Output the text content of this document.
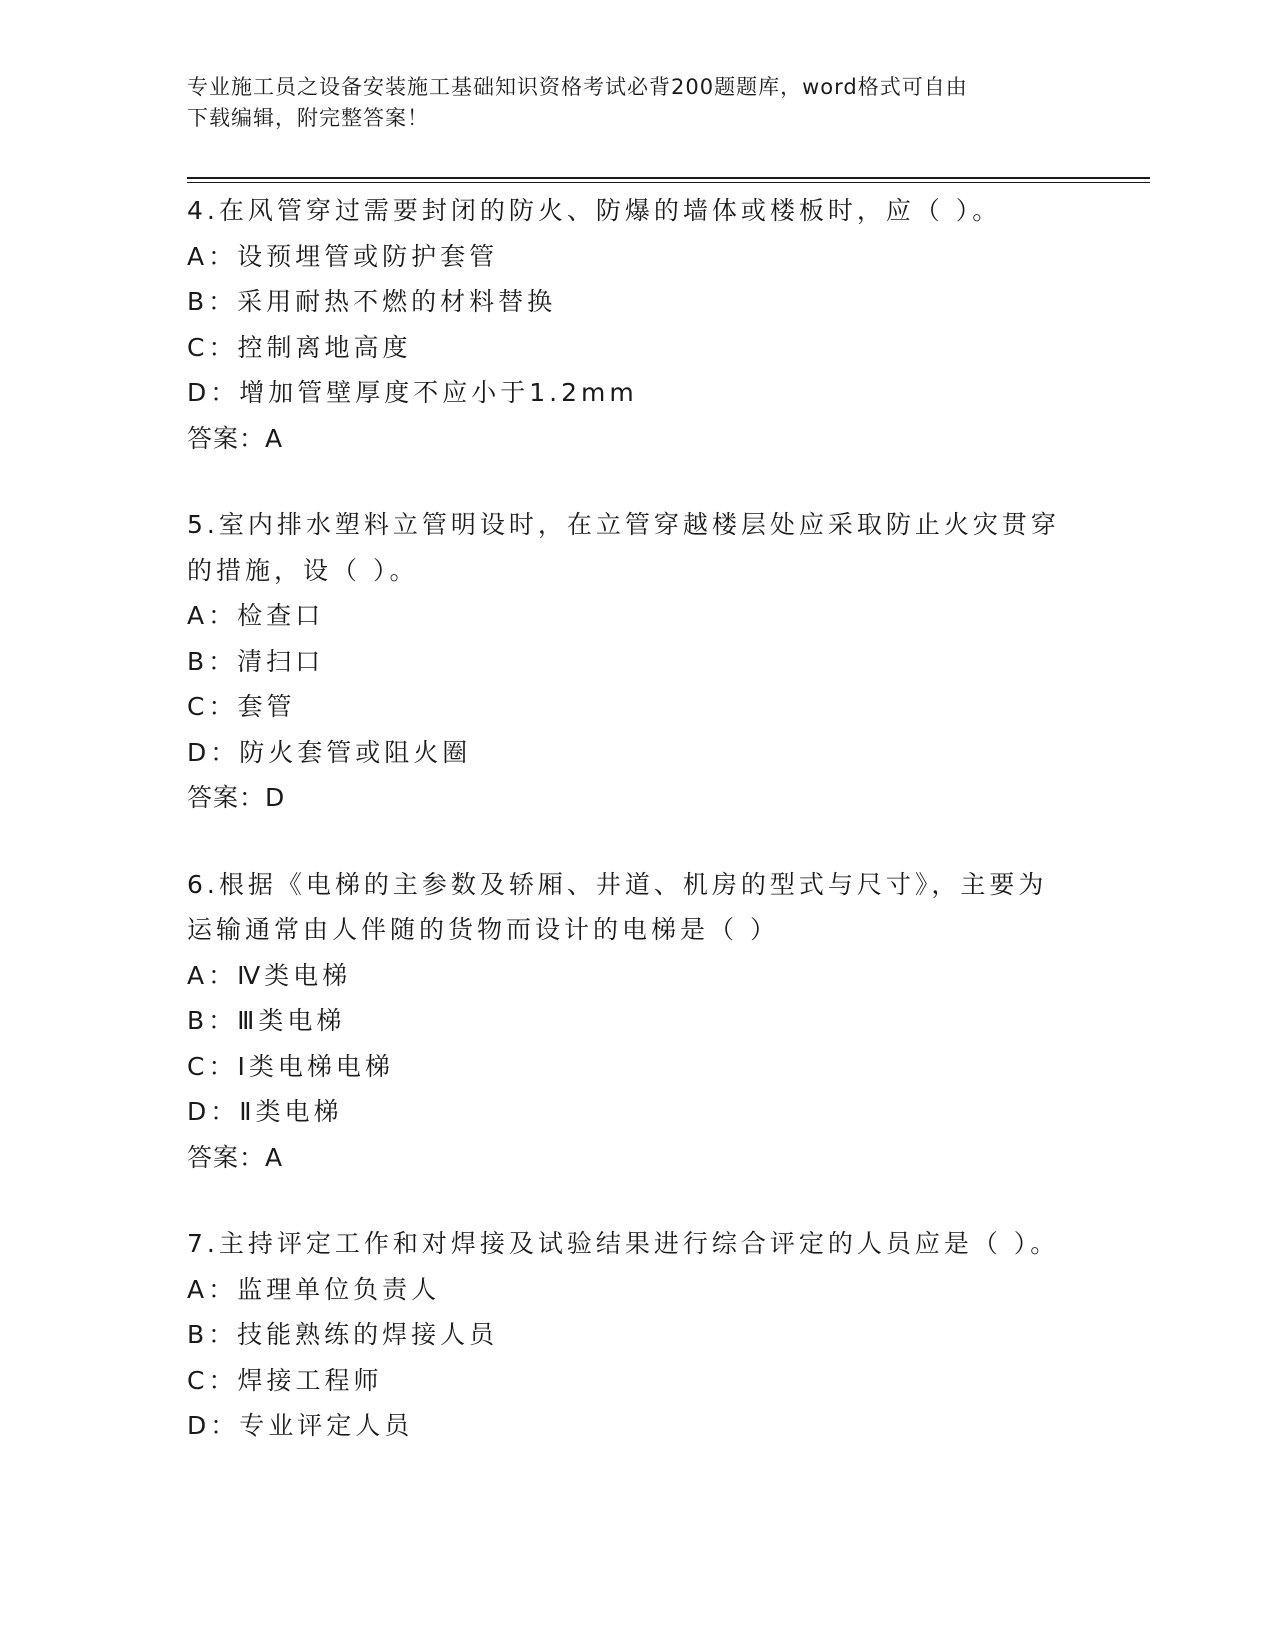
专业施工员之设备安装施工基础知识资格考试必背200题题库，word格式可自由
下载编辑，附完整答案！
4.在风管穿过需要封闭的防火、防爆的墙体或楼板时，应（ ）。
A：设预埋管或防护套管
B：采用耐热不燃的材料替换
C：控制离地高度
D：增加管壁厚度不应小于1.2mm
答案：A
5.室内排水塑料立管明设时，在立管穿越楼层处应采取防止火灾贯穿
的措施，设（ ）。
A：检查口
B：清扫口
C：套管
D：防火套管或阻火圈
答案：D
6.根据《电梯的主参数及轿厢、井道、机房的型式与尺寸》，主要为
运输通常由人伴随的货物而设计的电梯是（ ）
A：Ⅳ类电梯
B：Ⅲ类电梯
C：Ⅰ类电梯电梯
D：Ⅱ类电梯
答案：A
7.主持评定工作和对焊接及试验结果进行综合评定的人员应是（ ）。
A：监理单位负责人
B：技能熟练的焊接人员
C：焊接工程师
D：专业评定人员
